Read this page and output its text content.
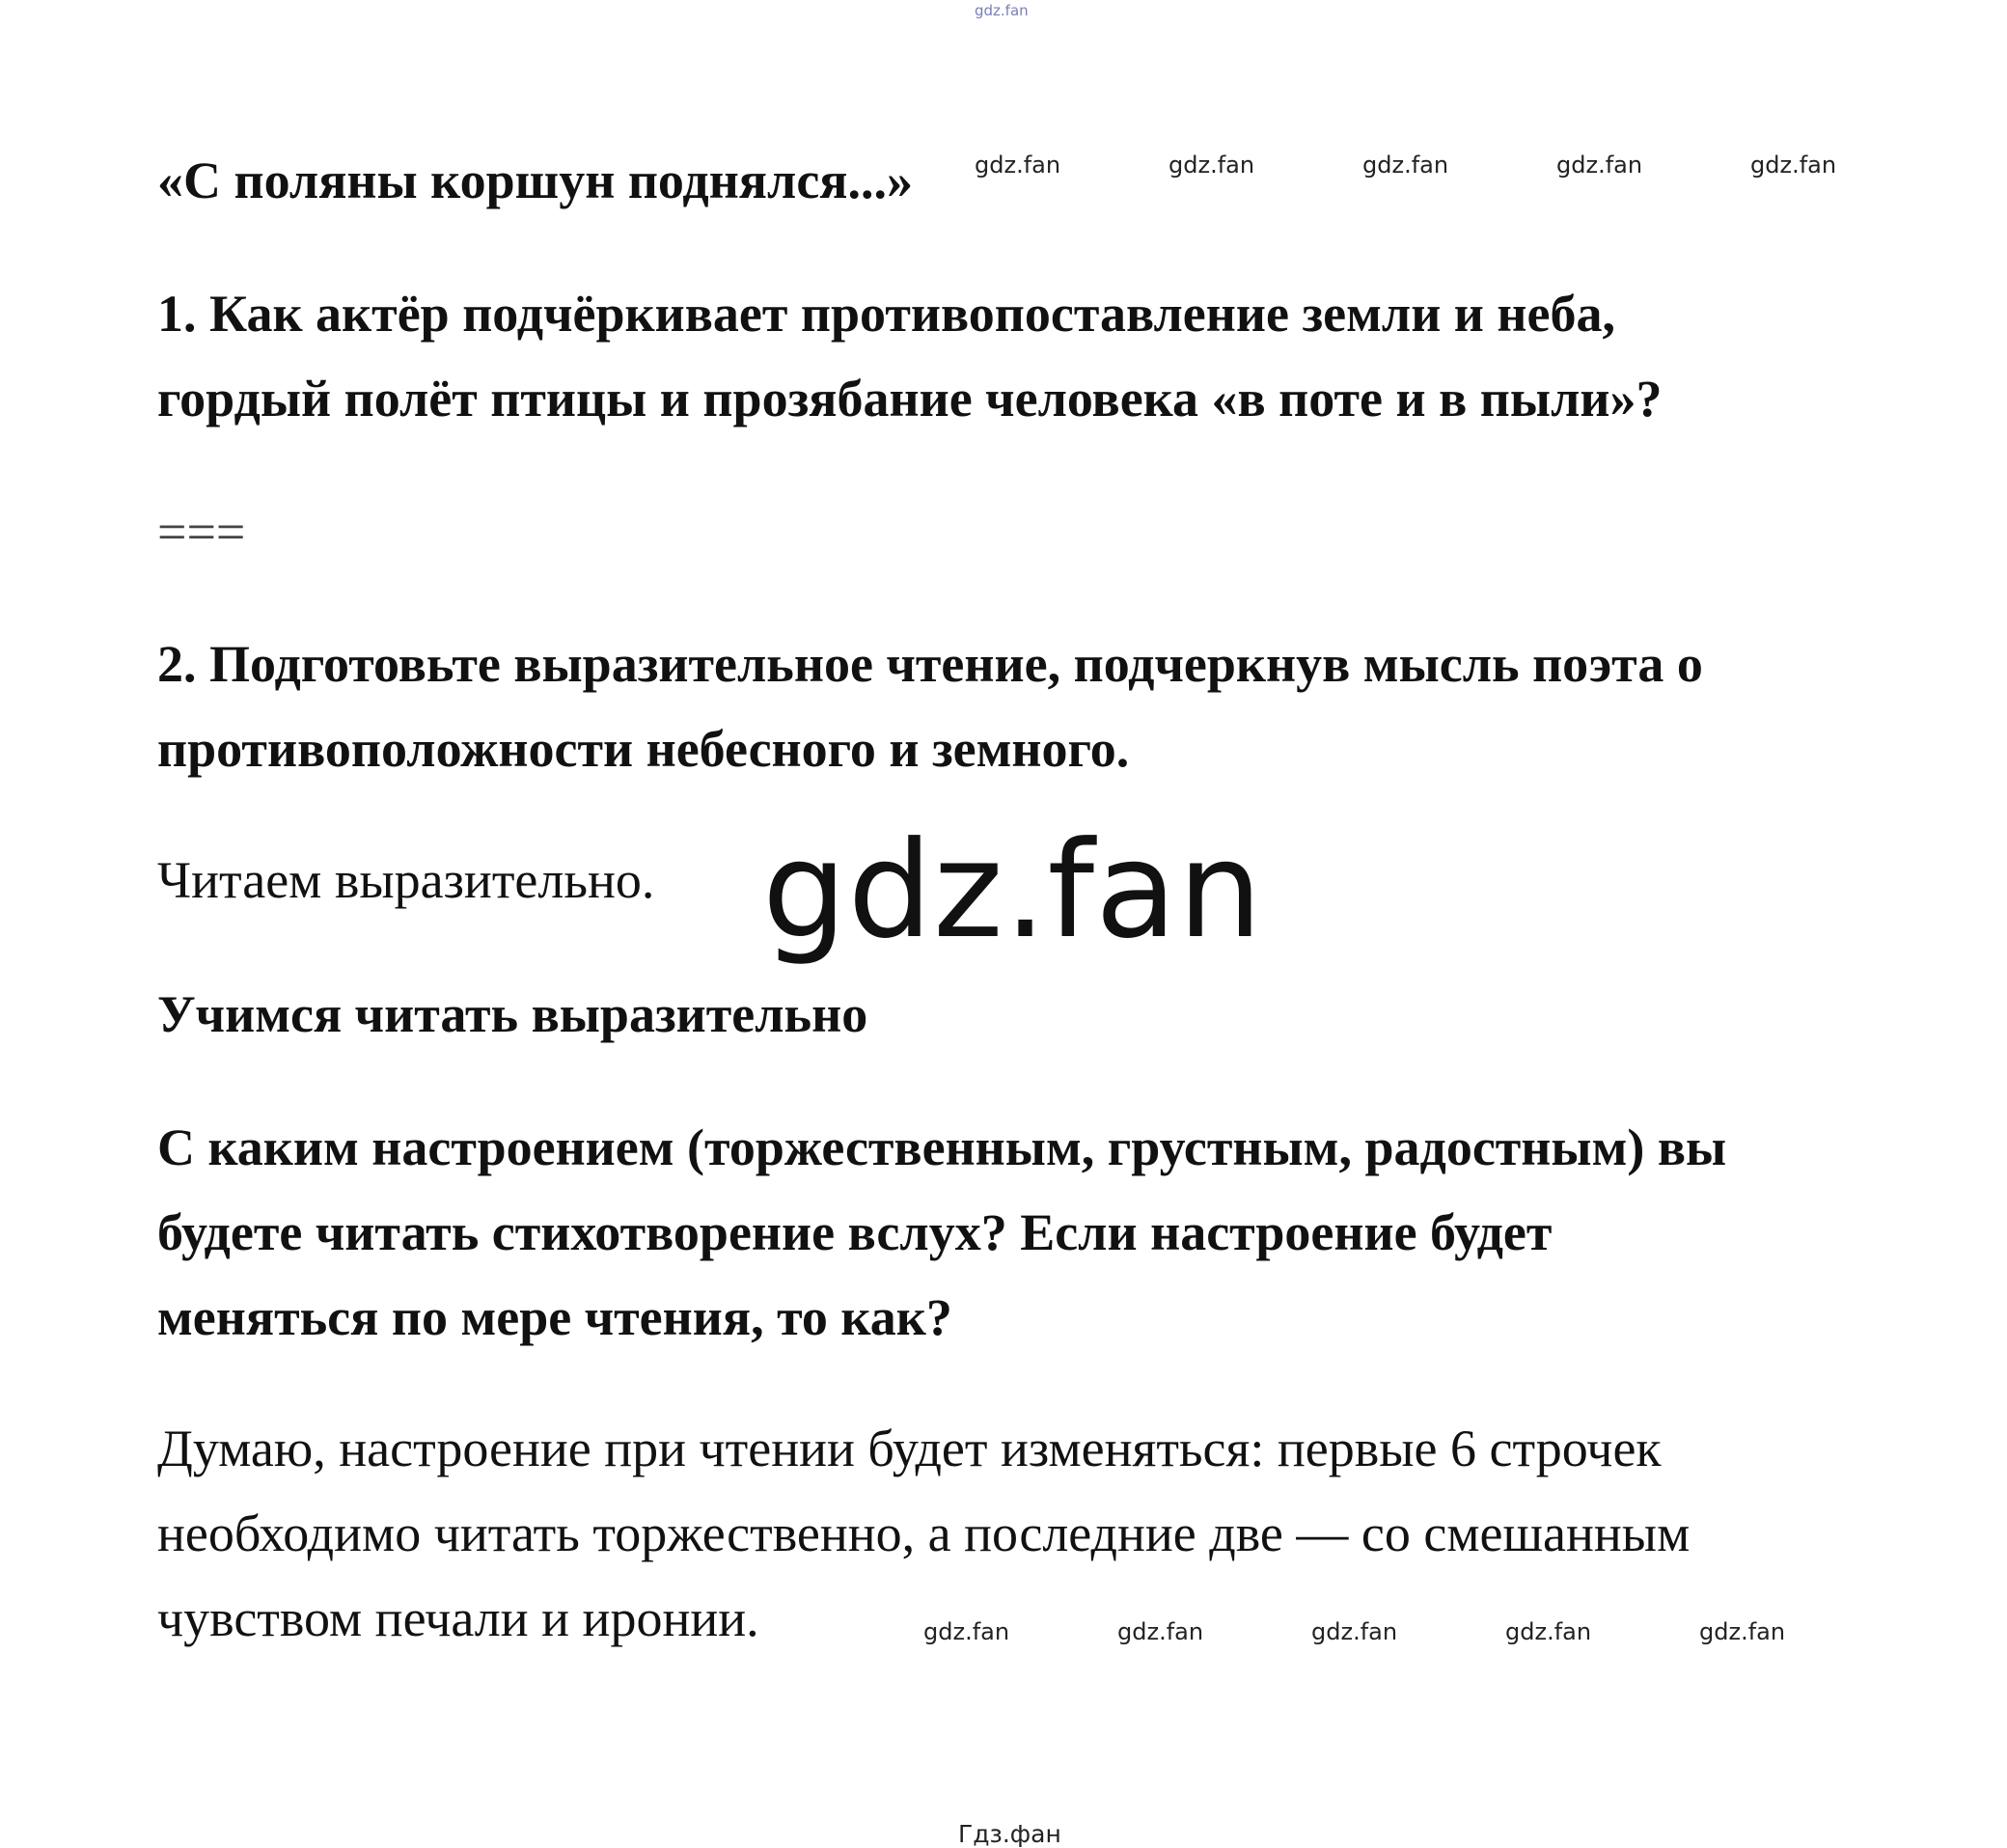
gdz.fan
«С поляны коршун поднялся...»	gdz.fan	gdz.fan	gdz.fan	gdz.fan	gdz.fan
1. Как актёр подчёркивает противопоставление земли и неба,
гордый полёт птицы и прозябание человека «в поте и в пыли»?
===
2. Подготовьте выразительное чтение, подчеркнув мысль поэта о
противоположности небесного и земного.
Читаем выразительно. gdz.fan
Учимся читать выразительно
С каким настроением (торжественным, грустным, радостным) вы
будете читать стихотворение вслух? Если настроение будет
меняться по мере чтения, то как?
Думаю, настроение при чтении будет изменяться: первые 6 строчек
необходимо читать торжественно, а последние две — со смешанным
чувством печали и иронии.	gdz.fan	gdz.fan	gdz.fan	gdz.fan	gdz.fan
Гдз.фан
